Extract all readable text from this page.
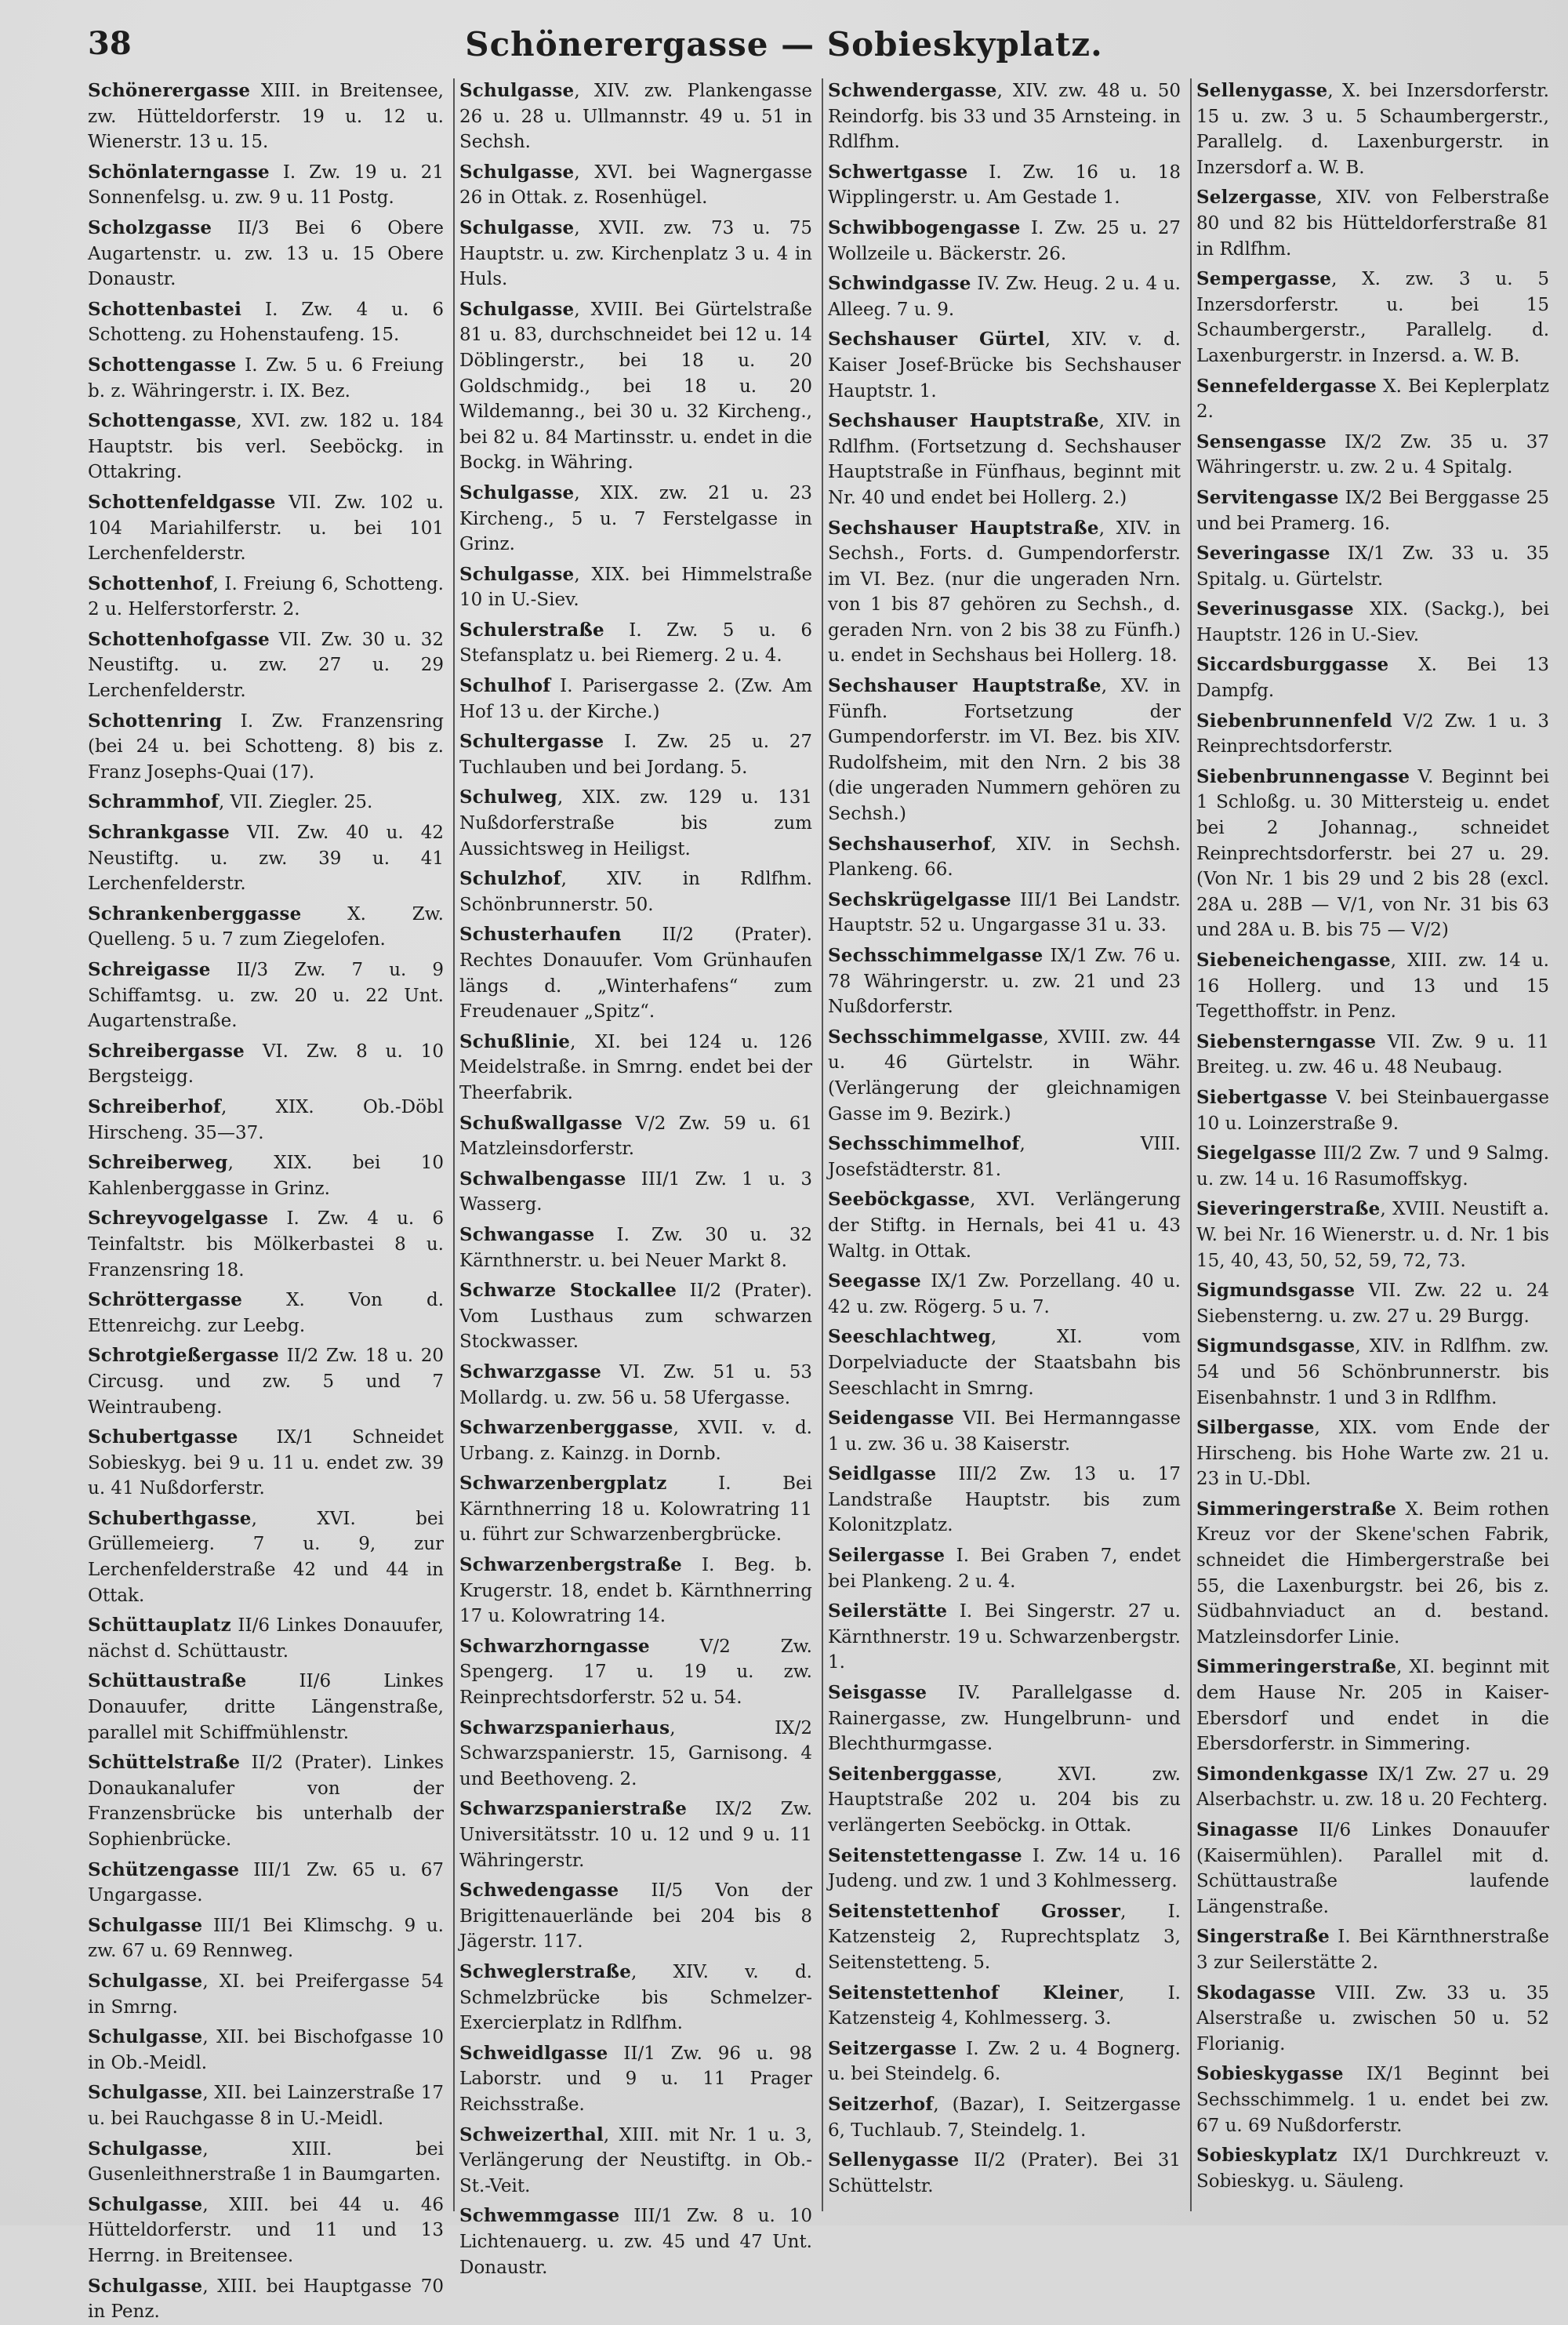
Schönerergasse — Sobieskyplatz.
38

Schönerergasse XIII. in Breitensee, zw. Hütteldorferstr. 19 u. 12 u. Wienerstr. 13 u. 15.

Schönlaterngasse I. Zw. 19 u. 21 Sonnenfelsg. u. zw. 9 u. 11 Postg.

Scholzgasse II/3 Bei 6 Obere Augartenstr. u. zw. 13 u. 15 Obere Donaustr.

Schottenbastei I. Zw. 4 u. 6 Schotteng. zu Hohenstaufeng. 15.

Schottengasse I. Zw. 5 u. 6 Freiung b. z. Währingerstr. i. IX. Bez.

Schottengasse, XVI. zw. 182 u. 184 Hauptstr. bis verl. Seeböckg. in Ottakring.

Schottenfeldgasse VII. Zw. 102 u. 104 Mariahilferstr. u. bei 101 Lerchenfelderstr.

Schottenhof, I. Freiung 6, Schotteng. 2 u. Helferstorferstr. 2.

Schottenhofgasse VII. Zw. 30 u. 32 Neustiftg. u. zw. 27 u. 29 Lerchenfelderstr.

Schottenring I. Zw. Franzensring (bei 24 u. bei Schotteng. 8) bis z. Franz Josephs-Quai (17).

Schrammhof, VII. Ziegler. 25.

Schrankgasse VII. Zw. 40 u. 42 Neustiftg. u. zw. 39 u. 41 Lerchenfelderstr.

Schrankenberggasse X. Zw. Quelleng. 5 u. 7 zum Ziegelofen.

Schreigasse II/3 Zw. 7 u. 9 Schiffamtsg. u. zw. 20 u. 22 Unt. Augartenstraße.

Schreibergasse VI. Zw. 8 u. 10 Bergsteigg.

Schreiberhof, XIX. Ob.-Döbl Hirscheng. 35—37.

Schreiberweg, XIX. bei 10 Kahlenberggasse in Grinz.

Schreyvogelgasse I. Zw. 4 u. 6 Teinfaltstr. bis Mölkerbastei 8 u. Franzensring 18.

Schröttergasse X. Von d. Ettenreichg. zur Leebg.

Schrotgießergasse II/2 Zw. 18 u. 20 Circusg. und zw. 5 und 7 Weintraubeng.

Schubertgasse IX/1 Schneidet Sobieskyg. bei 9 u. 11 u. endet zw. 39 u. 41 Nußdorferstr.

Schuberthgasse, XVI. bei Grüllemeierg. 7 u. 9, zur Lerchenfelderstraße 42 und 44 in Ottak.

Schüttauplatz II/6 Linkes Donauufer, nächst d. Schüttaustr.

Schüttaustraße II/6 Linkes Donauufer, dritte Längenstraße, parallel mit Schiffmühlenstr.

Schüttelstraße II/2 (Prater). Linkes Donaukanalufer von der Franzensbrücke bis unterhalb der Sophienbrücke.

Schützengasse III/1 Zw. 65 u. 67 Ungargasse.

Schulgasse III/1 Bei Klimschg. 9 u. zw. 67 u. 69 Rennweg.

Schulgasse, XI. bei Preifergasse 54 in Smrng.

Schulgasse, XII. bei Bischofgasse 10 in Ob.-Meidl.

Schulgasse, XII. bei Lainzerstraße 17 u. bei Rauchgasse 8 in U.-Meidl.

Schulgasse, XIII. bei Gusenleithnerstraße 1 in Baumgarten.

Schulgasse, XIII. bei 44 u. 46 Hütteldorferstr. und 11 und 13 Herrng. in Breitensee.

Schulgasse, XIII. bei Hauptgasse 70 in Penz.

Schulgasse, XIV. zw. Plankengasse 26 u. 28 u. Ullmannstr. 49 u. 51 in Sechsh.

Schulgasse, XVI. bei Wagnergasse 26 in Ottak. z. Rosenhügel.

Schulgasse, XVII. zw. 73 u. 75 Hauptstr. u. zw. Kirchenplatz 3 u. 4 in Huls.

Schulgasse, XVIII. Bei Gürtelstraße 81 u. 83, durchschneidet bei 12 u. 14 Döblingerstr., bei 18 u. 20 Goldschmidg., bei 18 u. 20 Wildemanng., bei 30 u. 32 Kircheng., bei 82 u. 84 Martinsstr. u. endet in die Bockg. in Währing.

Schulgasse, XIX. zw. 21 u. 23 Kircheng., 5 u. 7 Ferstelgasse in Grinz.

Schulgasse, XIX. bei Himmelstraße 10 in U.-Siev.

Schulerstraße I. Zw. 5 u. 6 Stefansplatz u. bei Riemerg. 2 u. 4.

Schulhof I. Parisergasse 2. (Zw. Am Hof 13 u. der Kirche.)

Schultergasse I. Zw. 25 u. 27 Tuchlauben und bei Jordang. 5.

Schulweg, XIX. zw. 129 u. 131 Nußdorferstraße bis zum Aussichtsweg in Heiligst.

Schulzhof, XIV. in Rdlfhm. Schönbrunnerstr. 50.

Schusterhaufen II/2 (Prater). Rechtes Donauufer. Vom Grünhaufen längs d. „Winterhafens“ zum Freudenauer „Spitz“.

Schußlinie, XI. bei 124 u. 126 Meidelstraße. in Smrng. endet bei der Theerfabrik.

Schußwallgasse V/2 Zw. 59 u. 61 Matzleinsdorferstr.

Schwalbengasse III/1 Zw. 1 u. 3 Wasserg.

Schwangasse I. Zw. 30 u. 32 Kärnthnerstr. u. bei Neuer Markt 8.

Schwarze Stockallee II/2 (Prater). Vom Lusthaus zum schwarzen Stockwasser.

Schwarzgasse VI. Zw. 51 u. 53 Mollardg. u. zw. 56 u. 58 Ufergasse.

Schwarzenberggasse, XVII. v. d. Urbang. z. Kainzg. in Dornb.

Schwarzenbergplatz I. Bei Kärnthnerring 18 u. Kolowratring 11 u. führt zur Schwarzenbergbrücke.

Schwarzenbergstraße I. Beg. b. Krugerstr. 18, endet b. Kärnthnerring 17 u. Kolowratring 14.

Schwarzhorngasse V/2 Zw. Spengerg. 17 u. 19 u. zw. Reinprechtsdorferstr. 52 u. 54.

Schwarzspanierhaus, IX/2 Schwarzspanierstr. 15, Garnisong. 4 und Beethoveng. 2.

Schwarzspanierstraße IX/2 Zw. Universitätsstr. 10 u. 12 und 9 u. 11 Währingerstr.

Schwedengasse II/5 Von der Brigittenauerlände bei 204 bis 8 Jägerstr. 117.

Schweglerstraße, XIV. v. d. Schmelzbrücke bis Schmelzer-Exercierplatz in Rdlfhm.

Schweidlgasse II/1 Zw. 96 u. 98 Laborstr. und 9 u. 11 Prager Reichsstraße.

Schweizerthal, XIII. mit Nr. 1 u. 3, Verlängerung der Neustiftg. in Ob.-St.-Veit.

Schwemmgasse III/1 Zw. 8 u. 10 Lichtenauerg. u. zw. 45 und 47 Unt. Donaustr.

Schwendergasse, XIV. zw. 48 u. 50 Reindorfg. bis 33 und 35 Arnsteing. in Rdlfhm.

Schwertgasse I. Zw. 16 u. 18 Wipplingerstr. u. Am Gestade 1.

Schwibbogengasse I. Zw. 25 u. 27 Wollzeile u. Bäckerstr. 26.

Schwindgasse IV. Zw. Heug. 2 u. 4 u. Alleeg. 7 u. 9.

Sechshauser Gürtel, XIV. v. d. Kaiser Josef-Brücke bis Sechshauser Hauptstr. 1.

Sechshauser Hauptstraße, XIV. in Rdlfhm. (Fortsetzung d. Sechshauser Hauptstraße in Fünfhaus, beginnt mit Nr. 40 und endet bei Hollerg. 2.)

Sechshauser Hauptstraße, XIV. in Sechsh., Forts. d. Gumpendorferstr. im VI. Bez. (nur die ungeraden Nrn. von 1 bis 87 gehören zu Sechsh., d. geraden Nrn. von 2 bis 38 zu Fünfh.) u. endet in Sechshaus bei Hollerg. 18.

Sechshauser Hauptstraße, XV. in Fünfh. Fortsetzung der Gumpendorferstr. im VI. Bez. bis XIV. Rudolfsheim, mit den Nrn. 2 bis 38 (die ungeraden Nummern gehören zu Sechsh.)

Sechshauserhof, XIV. in Sechsh. Plankeng. 66.

Sechskrügelgasse III/1 Bei Landstr. Hauptstr. 52 u. Ungargasse 31 u. 33.

Sechsschimmelgasse IX/1 Zw. 76 u. 78 Währingerstr. u. zw. 21 und 23 Nußdorferstr.

Sechsschimmelgasse, XVIII. zw. 44 u. 46 Gürtelstr. in Währ. (Verlängerung der gleichnamigen Gasse im 9. Bezirk.)

Sechsschimmelhof, VIII. Josefstädterstr. 81.

Seeböckgasse, XVI. Verlängerung der Stiftg. in Hernals, bei 41 u. 43 Waltg. in Ottak.

Seegasse IX/1 Zw. Porzellang. 40 u. 42 u. zw. Rögerg. 5 u. 7.

Seeschlachtweg, XI. vom Dorpelviaducte der Staatsbahn bis Seeschlacht in Smrng.

Seidengasse VII. Bei Hermanngasse 1 u. zw. 36 u. 38 Kaiserstr.

Seidlgasse III/2 Zw. 13 u. 17 Landstraße Hauptstr. bis zum Kolonitzplatz.

Seilergasse I. Bei Graben 7, endet bei Plankeng. 2 u. 4.

Seilerstätte I. Bei Singerstr. 27 u. Kärnthnerstr. 19 u. Schwarzenbergstr. 1.

Seisgasse IV. Parallelgasse d. Rainergasse, zw. Hungelbrunn- und Blechthurmgasse.

Seitenberggasse, XVI. zw. Hauptstraße 202 u. 204 bis zu verlängerten Seeböckg. in Ottak.

Seitenstettengasse I. Zw. 14 u. 16 Judeng. und zw. 1 und 3 Kohlmesserg.

Seitenstettenhof Grosser, I. Katzensteig 2, Ruprechtsplatz 3, Seitenstetteng. 5.

Seitenstettenhof Kleiner, I. Katzensteig 4, Kohlmesserg. 3.

Seitzergasse I. Zw. 2 u. 4 Bognerg. u. bei Steindelg. 6.

Seitzerhof, (Bazar), I. Seitzergasse 6, Tuchlaub. 7, Steindelg. 1.

Sellenygasse II/2 (Prater). Bei 31 Schüttelstr.

Sellenygasse, X. bei Inzersdorferstr. 15 u. zw. 3 u. 5 Schaumbergerstr., Parallelg. d. Laxenburgerstr. in Inzersdorf a. W. B.

Selzergasse, XIV. von Felberstraße 80 und 82 bis Hütteldorferstraße 81 in Rdlfhm.

Sempergasse, X. zw. 3 u. 5 Inzersdorferstr. u. bei 15 Schaumbergerstr., Parallelg. d. Laxenburgerstr. in Inzersd. a. W. B.

Sennefeldergasse X. Bei Keplerplatz 2.

Sensengasse IX/2 Zw. 35 u. 37 Währingerstr. u. zw. 2 u. 4 Spitalg.

Servitengasse IX/2 Bei Berggasse 25 und bei Pramerg. 16.

Severingasse IX/1 Zw. 33 u. 35 Spitalg. u. Gürtelstr.

Severinusgasse XIX. (Sackg.), bei Hauptstr. 126 in U.-Siev.

Siccardsburggasse X. Bei 13 Dampfg.

Siebenbrunnenfeld V/2 Zw. 1 u. 3 Reinprechtsdorferstr.

Siebenbrunnengasse V. Beginnt bei 1 Schloßg. u. 30 Mittersteig u. endet bei 2 Johannag., schneidet Reinprechtsdorferstr. bei 27 u. 29. (Von Nr. 1 bis 29 und 2 bis 28 (excl. 28A u. 28B — V/1, von Nr. 31 bis 63 und 28A u. B. bis 75 — V/2)

Siebeneichengasse, XIII. zw. 14 u. 16 Hollerg. und 13 und 15 Tegetthoffstr. in Penz.

Siebensterngasse VII. Zw. 9 u. 11 Breiteg. u. zw. 46 u. 48 Neubaug.

Siebertgasse V. bei Steinbauergasse 10 u. Loinzerstraße 9.

Siegelgasse III/2 Zw. 7 und 9 Salmg. u. zw. 14 u. 16 Rasumoffskyg.

Sieveringerstraße, XVIII. Neustift a. W. bei Nr. 16 Wienerstr. u. d. Nr. 1 bis 15, 40, 43, 50, 52, 59, 72, 73.

Sigmundsgasse VII. Zw. 22 u. 24 Siebensterng. u. zw. 27 u. 29 Burgg.

Sigmundsgasse, XIV. in Rdlfhm. zw. 54 und 56 Schönbrunnerstr. bis Eisenbahnstr. 1 und 3 in Rdlfhm.

Silbergasse, XIX. vom Ende der Hirscheng. bis Hohe Warte zw. 21 u. 23 in U.-Dbl.

Simmeringerstraße X. Beim rothen Kreuz vor der Skene'schen Fabrik, schneidet die Himbergerstraße bei 55, die Laxenburgstr. bei 26, bis z. Südbahnviaduct an d. bestand. Matzleinsdorfer Linie.

Simmeringerstraße, XI. beginnt mit dem Hause Nr. 205 in Kaiser-Ebersdorf und endet in die Ebersdorferstr. in Simmering.

Simondenkgasse IX/1 Zw. 27 u. 29 Alserbachstr. u. zw. 18 u. 20 Fechterg.

Sinagasse II/6 Linkes Donauufer (Kaisermühlen). Parallel mit d. Schüttaustraße laufende Längenstraße.

Singerstraße I. Bei Kärnthnerstraße 3 zur Seilerstätte 2.

Skodagasse VIII. Zw. 33 u. 35 Alserstraße u. zwischen 50 u. 52 Florianig.

Sobieskygasse IX/1 Beginnt bei Sechsschimmelg. 1 u. endet bei zw. 67 u. 69 Nußdorferstr.

Sobieskyplatz IX/1 Durchkreuzt v. Sobieskyg. u. Säuleng.
